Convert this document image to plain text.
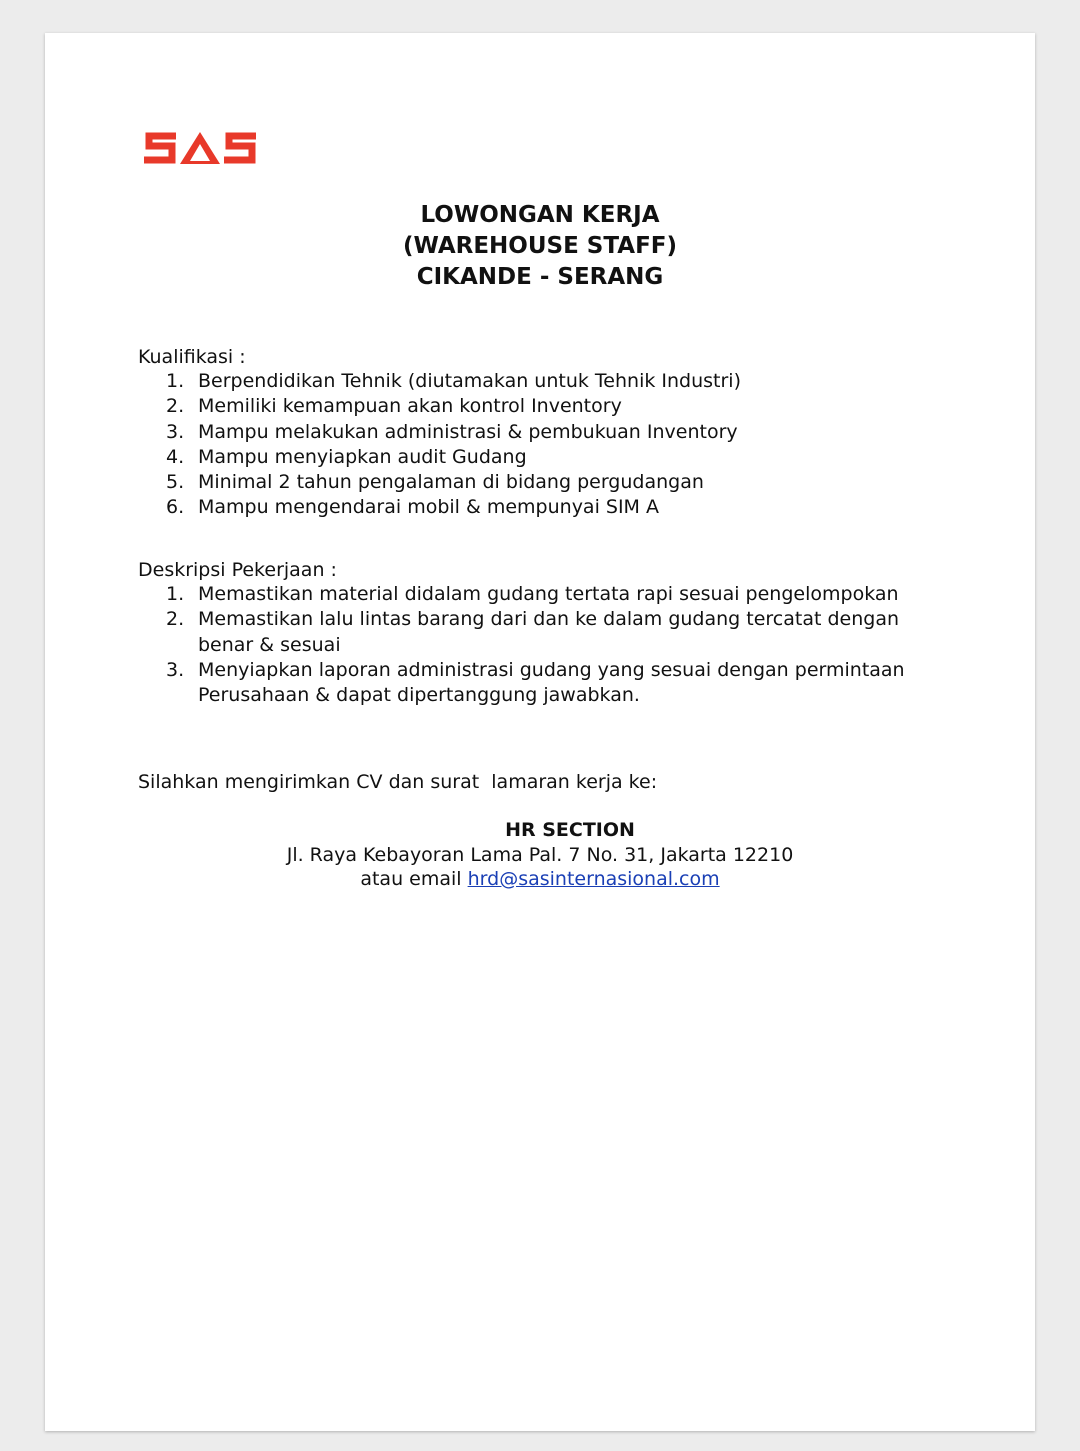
LOWONGAN KERJA
(WAREHOUSE STAFF)
CIKANDE - SERANG
Kualifikasi :
1. Berpendidikan Tehnik (diutamakan untuk Tehnik Industri)
2. Memiliki kemampuan akan kontrol Inventory
3. Mampu melakukan administrasi & pembukuan Inventory
4. Mampu menyiapkan audit Gudang
5. Minimal 2 tahun pengalaman di bidang pergudangan
6. Mampu mengendarai mobil & mempunyai SIM A
Deskripsi Pekerjaan :
1. Memastikan material didalam gudang tertata rapi sesuai pengelompokan
2. Memastikan lalu lintas barang dari dan ke dalam gudang tercatat dengan benar & sesuai
3. Menyiapkan laporan administrasi gudang yang sesuai dengan permintaan Perusahaan & dapat dipertanggung jawabkan.
Silahkan mengirimkan CV dan surat  lamaran kerja ke:
HR SECTION
Jl. Raya Kebayoran Lama Pal. 7 No. 31, Jakarta 12210
atau email hrd@sasinternasional.com
